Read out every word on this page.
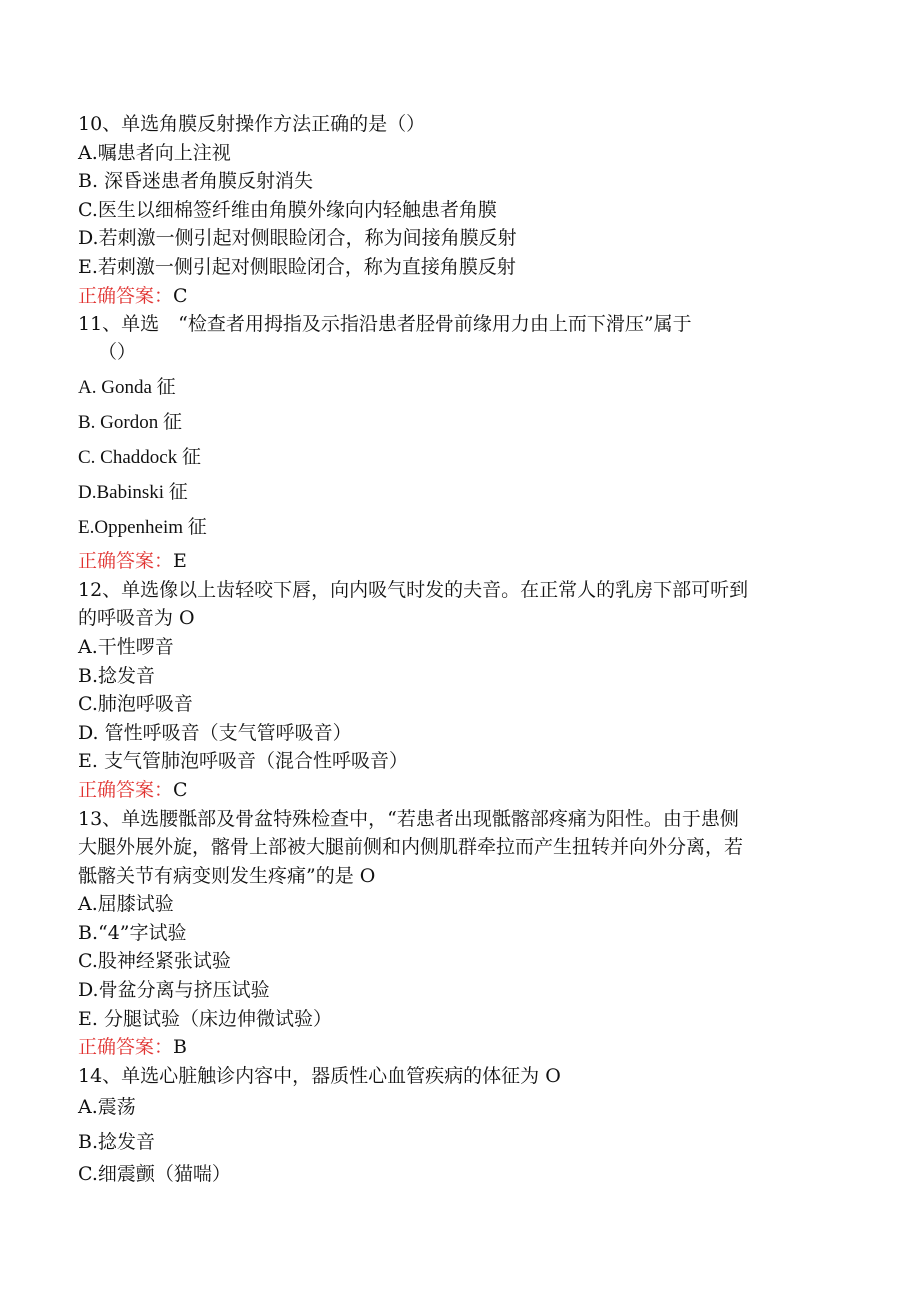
10、单选角膜反射操作方法正确的是（）
A.嘱患者向上注视
B. 深昏迷患者角膜反射消失
C.医生以细棉签纤维由角膜外缘向内轻触患者角膜
D.若刺激一侧引起对侧眼睑闭合，称为间接角膜反射
E.若刺激一侧引起对侧眼睑闭合，称为直接角膜反射
正确答案：C
11、单选　“检查者用拇指及示指沿患者胫骨前缘用力由上而下滑压”属于
（）
A. Gonda 征
B. Gordon 征
C. Chaddock 征
D.Babinski 征
E.Oppenheim 征
正确答案：E
12、单选像以上齿轻咬下唇，向内吸气时发的夫音。在正常人的乳房下部可听到
的呼吸音为 O
A.干性啰音
B.捻发音
C.肺泡呼吸音
D. 管性呼吸音（支气管呼吸音）
E. 支气管肺泡呼吸音（混合性呼吸音）
正确答案：C
13、单选腰骶部及骨盆特殊检查中，“若患者出现骶髂部疼痛为阳性。由于患侧
大腿外展外旋，髂骨上部被大腿前侧和内侧肌群牵拉而产生扭转并向外分离，若
骶髂关节有病变则发生疼痛”的是 O
A.屈膝试验
B.“4”字试验
C.股神经紧张试验
D.骨盆分离与挤压试验
E. 分腿试验（床边伸微试验）
正确答案：B
14、单选心脏触诊内容中，器质性心血管疾病的体征为 O
A.震荡
B.捻发音
C.细震颤（猫喘）
